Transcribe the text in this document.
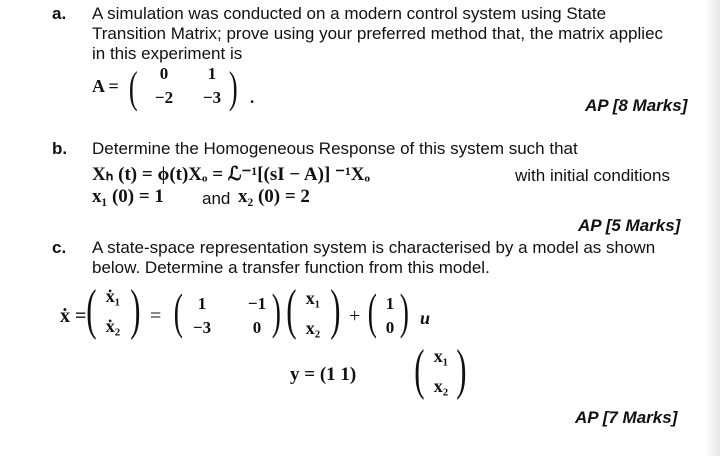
a. A simulation was conducted on a modern control system using State
Transition Matrix; prove using your preferred method that, the matrix appliec
in this experiment is
A = (	0	1
−2 −3 ) .	AP [8 Marks]
b. Determine the Homogeneous Response of this system such that
Xₕ (t) = ϕ(t)Xₒ = ℒ⁻¹[(sI − A)] ⁻¹Xₒ	with initial conditions
x₁ (0) = 1 and x₂ (0) = 2
AP [5 Marks]
c. A state-space representation system is characterised by a model as shown
below. Determine a transfer function from this model.
ẋ = ( ẋ₁
ẋ₂ ) = ( 1	−1
−3	0 ) ( x₁
x₂ ) + ( 1
0 ) u
y = (1 1) ( x₁
x₂ )
AP [7 Marks]
